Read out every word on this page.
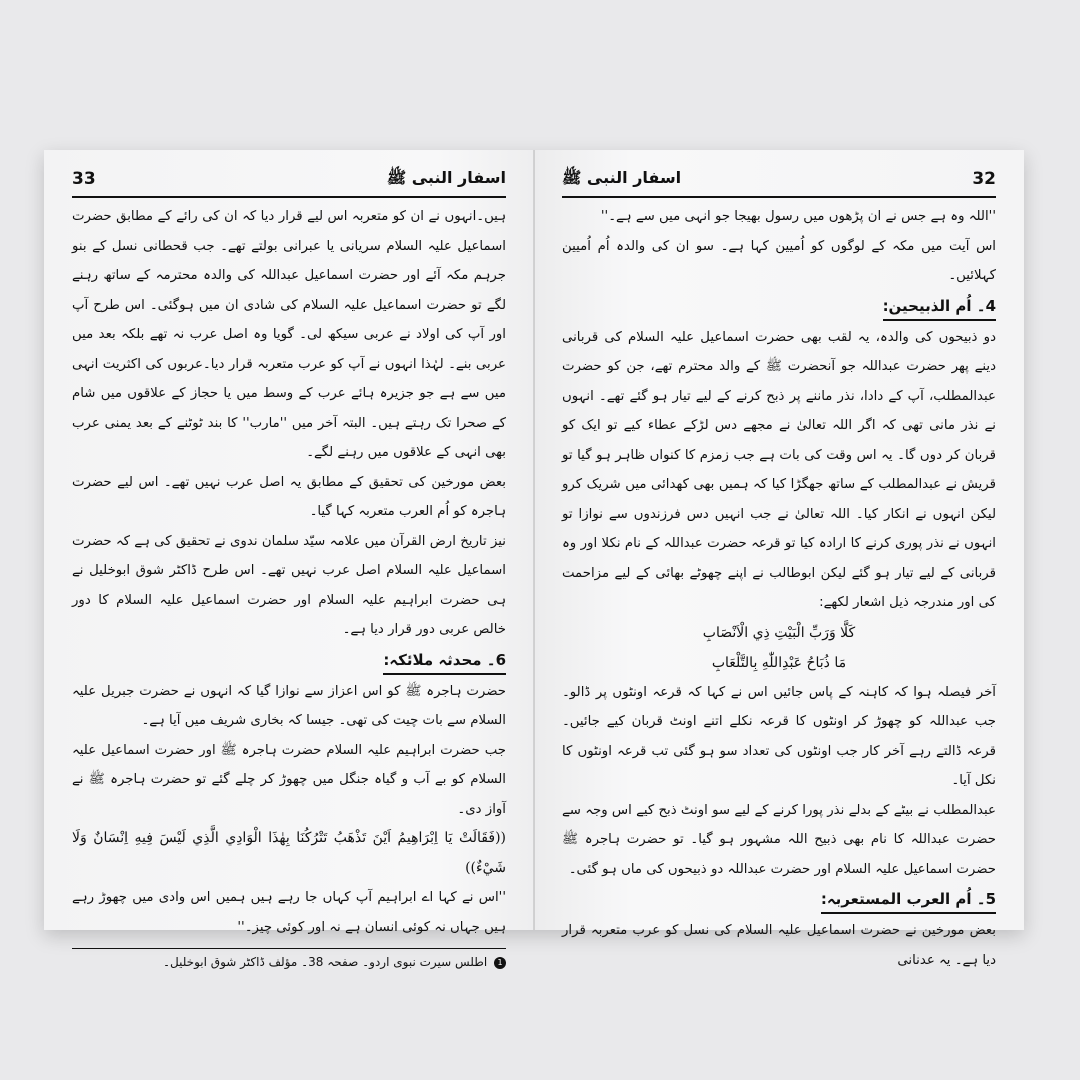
33	اسفار النبی ﷺ

ہیں۔انہوں نے ان کو متعربہ اس لیے قرار دیا کہ ان کی رائے کے مطابق حضرت اسماعیل علیہ السلام سریانی یا عبرانی بولتے تھے۔ جب قحطانی نسل کے بنو جرہم مکہ آئے اور حضرت اسماعیل عبداللہ کی والدہ محترمہ کے ساتھ رہنے لگے تو حضرت اسماعیل علیہ السلام کی شادی ان میں ہوگئی۔ اس طرح آپ اور آپ کی اولاد نے عربی سیکھ لی۔ گویا وہ اصل عرب نہ تھے بلکہ بعد میں عربی بنے۔ لہٰذا انہوں نے آپ کو عرب متعربہ قرار دیا۔عربوں کی اکثریت انہی میں سے ہے جو جزیرہ ہائے عرب کے وسط میں یا حجاز کے علاقوں میں شام کے صحرا تک رہتے ہیں۔ البتہ آخر میں ''مارب'' کا بند ٹوٹنے کے بعد یمنی عرب بھی انہی کے علاقوں میں رہنے لگے۔

بعض مورخین کی تحقیق کے مطابق یہ اصل عرب نہیں تھے۔ اس لیے حضرت ہاجرہ کو اُم العرب متعربہ کہا گیا۔

نیز تاریخ ارض القرآن میں علامہ سیّد سلمان ندوی نے تحقیق کی ہے کہ حضرت اسماعیل علیہ السلام اصل عرب نہیں تھے۔ اس طرح ڈاکٹر شوق ابوخلیل نے ہی حضرت ابراہیم علیہ السلام اور حضرت اسماعیل علیہ السلام کا دور خالص عربی دور قرار دیا ہے۔

6۔ محدثہ ملائکہ:

حضرت ہاجرہ ﷺ کو اس اعزاز سے نوازا گیا کہ انہوں نے حضرت جبریل علیہ السلام سے بات چیت کی تھی۔ جیسا کہ بخاری شریف میں آیا ہے۔

جب حضرت ابراہیم علیہ السلام حضرت ہاجرہ ﷺ اور حضرت اسماعیل علیہ السلام کو بے آب و گیاہ جنگل میں چھوڑ کر چلے گئے تو حضرت ہاجرہ ﷺ نے آواز دی۔

((فَقَالَتْ يَا اِبْرَاهِيمُ اَيْنَ تَذْهَبُ تَتْرُكُنَا بِهٰذَا الْوَادِي الَّذِي لَيْسَ فِيهِ اِنْسَانٌ وَلَا شَيْءٌ))

''اس نے کہا اے ابراہیم آپ کہاں جا رہے ہیں ہمیں اس وادی میں چھوڑ رہے ہیں جہاں نہ کوئی انسان ہے نہ اور کوئی چیز۔''

1 اطلس سیرت نبوی اردو۔ صفحہ 38۔ مؤلف ڈاکٹر شوق ابوخلیل۔
اسفار النبی ﷺ	32

''اللہ وہ ہے جس نے ان پڑھوں میں رسول بھیجا جو انہی میں سے ہے۔''

اس آیت میں مکہ کے لوگوں کو اُمیین کہا ہے۔ سو ان کی والدہ اُم اُمیین کہلائیں۔

4۔ اُم الذبیحین:

دو ذبیحوں کی والدہ، یہ لقب بھی حضرت اسماعیل علیہ السلام کی قربانی دینے پھر حضرت عبداللہ جو آنحضرت ﷺ کے والد محترم تھے، جن کو حضرت عبدالمطلب، آپ کے دادا، نذر ماننے پر ذبح کرنے کے لیے تیار ہو گئے تھے۔ انہوں نے نذر مانی تھی کہ اگر اللہ تعالیٰ نے مجھے دس لڑکے عطاء کیے تو ایک کو قربان کر دوں گا۔ یہ اس وقت کی بات ہے جب زمزم کا کنواں ظاہر ہو گیا تو قریش نے عبدالمطلب کے ساتھ جھگڑا کیا کہ ہمیں بھی کھدائی میں شریک کرو لیکن انہوں نے انکار کیا۔ اللہ تعالیٰ نے جب انہیں دس فرزندوں سے نوازا تو انہوں نے نذر پوری کرنے کا ارادہ کیا تو قرعہ حضرت عبداللہ کے نام نکلا اور وہ قربانی کے لیے تیار ہو گئے لیکن ابوطالب نے اپنے چھوٹے بھائی کے لیے مزاحمت کی اور مندرجہ ذیل اشعار لکھے:

كَلَّا وَرَبِّ الْبَيْتِ ذِي الْاَنْصَابِ
مَا ذُبَاحُ عَبْدِاللّٰهِ بِالتَّلْعَابِ

آخر فیصلہ ہوا کہ کاہنہ کے پاس جائیں اس نے کہا کہ قرعہ اونٹوں پر ڈالو۔ جب عبداللہ کو چھوڑ کر اونٹوں کا قرعہ نکلے اتنے اونٹ قربان کیے جائیں۔ قرعہ ڈالتے رہے آخر کار جب اونٹوں کی تعداد سو ہو گئی تب قرعہ اونٹوں کا نکل آیا۔

عبدالمطلب نے بیٹے کے بدلے نذر پورا کرنے کے لیے سو اونٹ ذبح کیے اس وجہ سے حضرت عبداللہ کا نام بھی ذبیح اللہ مشہور ہو گیا۔ تو حضرت ہاجرہ ﷺ حضرت اسماعیل علیہ السلام اور حضرت عبداللہ دو ذبیحوں کی ماں ہو گئی۔

5۔ اُم العرب المستعربہ:

بعض مورخین نے حضرت اسماعیل علیہ السلام کی نسل کو عرب متعربہ قرار دیا ہے۔ یہ عدنانی
